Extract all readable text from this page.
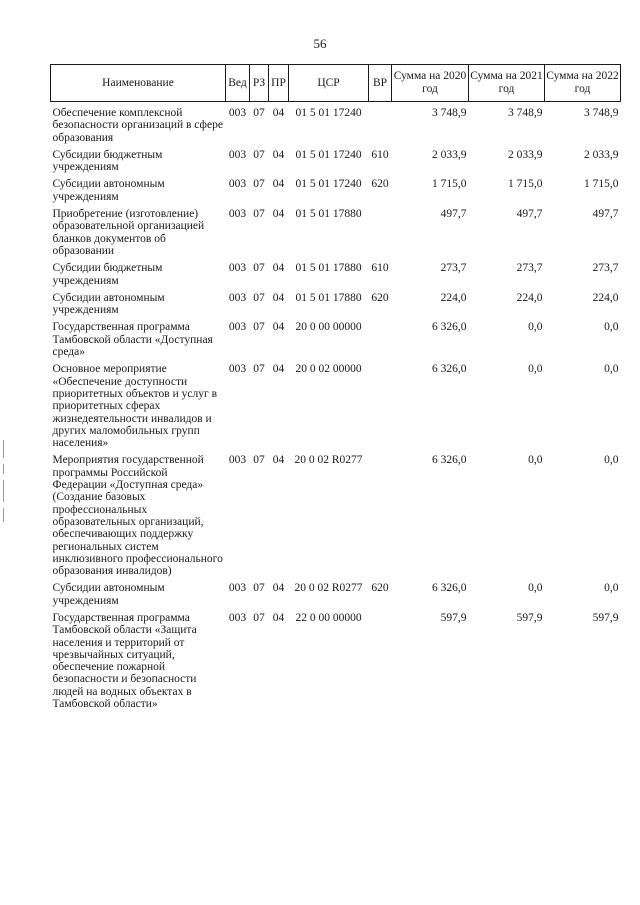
56
Наименование	Вед	РЗ	ПР	ЦСР	ВР	Сумма на 2020 год	Сумма на 2021 год	Сумма на 2022 год
Обеспечение комплексной безопасности организаций в сфере образования	003	07	04	01 5 01 17240		3 748,9	3 748,9	3 748,9
Субсидии бюджетным учреждениям	003	07	04	01 5 01 17240	610	2 033,9	2 033,9	2 033,9
Субсидии автономным учреждениям	003	07	04	01 5 01 17240	620	1 715,0	1 715,0	1 715,0
Приобретение (изготовление) образовательной организацией бланков документов об образовании	003	07	04	01 5 01 17880		497,7	497,7	497,7
Субсидии бюджетным учреждениям	003	07	04	01 5 01 17880	610	273,7	273,7	273,7
Субсидии автономным учреждениям	003	07	04	01 5 01 17880	620	224,0	224,0	224,0
Государственная программа Тамбовской области «Доступная среда»	003	07	04	20 0 00 00000		6 326,0	0,0	0,0
Основное мероприятие «Обеспечение доступности приоритетных объектов и услуг в приоритетных сферах жизнедеятельности инвалидов и других маломобильных групп населения»	003	07	04	20 0 02 00000		6 326,0	0,0	0,0
Мероприятия государственной программы Российской Федерации «Доступная среда» (Создание базовых профессиональных образовательных организаций, обеспечивающих поддержку региональных систем инклюзивного профессионального образования инвалидов)	003	07	04	20 0 02 R0277		6 326,0	0,0	0,0
Субсидии автономным учреждениям	003	07	04	20 0 02 R0277	620	6 326,0	0,0	0,0
Государственная программа Тамбовской области «Защита населения и территорий от чрезвычайных ситуаций, обеспечение пожарной безопасности и безопасности людей на водных объектах в Тамбовской области»	003	07	04	22 0 00 00000		597,9	597,9	597,9
